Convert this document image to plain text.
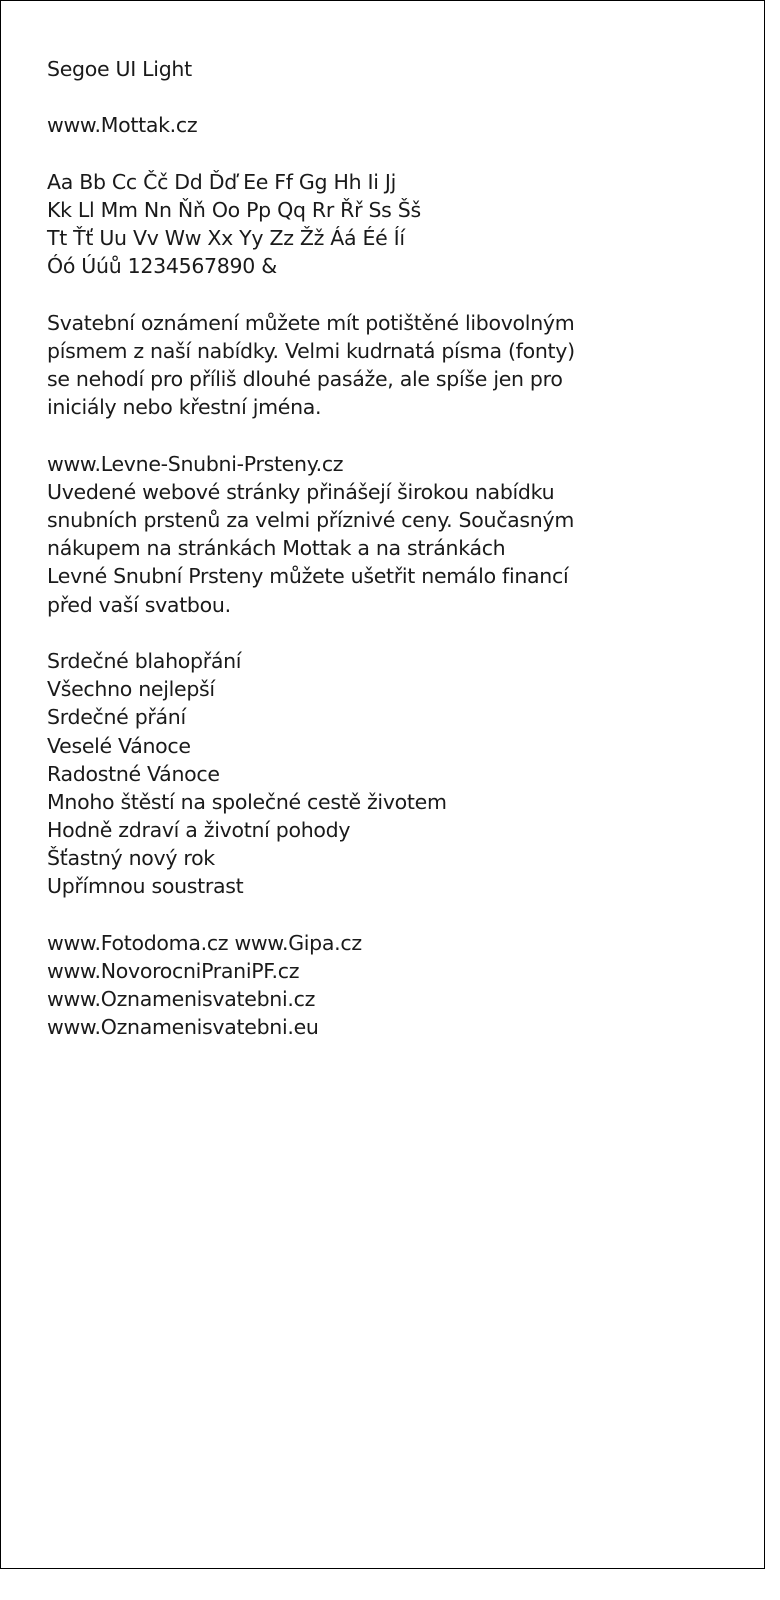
Segoe UI Light
www.Mottak.cz
Aa Bb Cc Čč Dd Ďď Ee Ff Gg Hh Ii Jj
Kk Ll Mm Nn Ňň Oo Pp Qq Rr Řř Ss Šš
Tt Ťť Uu Vv Ww Xx Yy Zz Žž Áá Éé Íí
Óó Úúů 1234567890 &
Svatební oznámení můžete mít potištěné libovolným
písmem z naší nabídky. Velmi kudrnatá písma (fonty)
se nehodí pro příliš dlouhé pasáže, ale spíše jen pro
iniciály nebo křestní jména.
www.Levne-Snubni-Prsteny.cz
Uvedené webové stránky přinášejí širokou nabídku
snubních prstenů za velmi příznivé ceny. Současným
nákupem na stránkách Mottak a na stránkách
Levné Snubní Prsteny můžete ušetřit nemálo financí
před vaší svatbou.
Srdečné blahopřání
Všechno nejlepší
Srdečné přání
Veselé Vánoce
Radostné Vánoce
Mnoho štěstí na společné cestě životem
Hodně zdraví a životní pohody
Šťastný nový rok
Upřímnou soustrast
www.Fotodoma.cz www.Gipa.cz
www.NovorocniPraniPF.cz
www.Oznamenisvatebni.cz
www.Oznamenisvatebni.eu
